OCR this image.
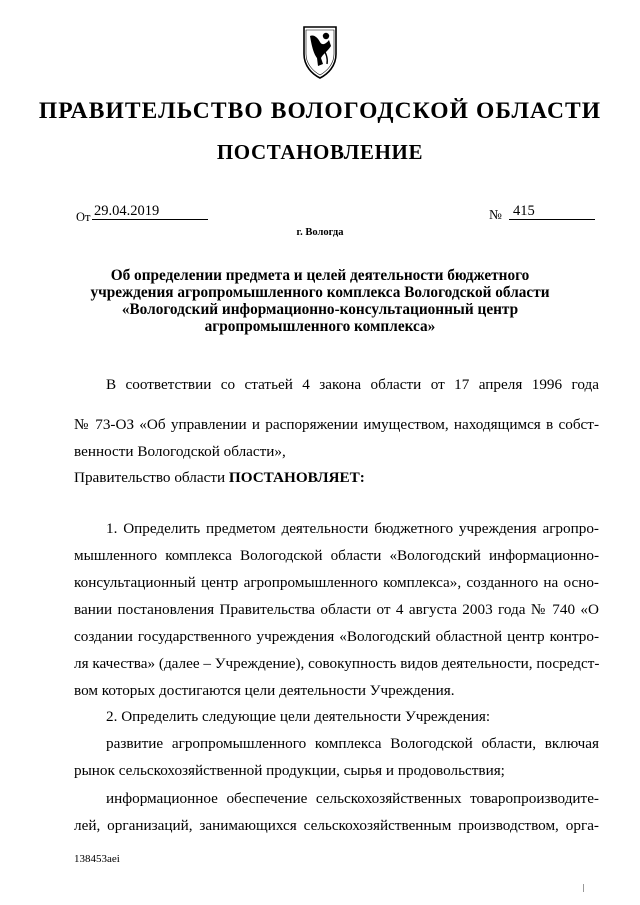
ПРАВИТЕЛЬСТВО ВОЛОГОДСКОЙ ОБЛАСТИ
ПОСТАНОВЛЕНИЕ
От 29.04.2019	№ 415
г. Вологда
Об определении предмета и целей деятельности бюджетного
учреждения агропромышленного комплекса Вологодской области
«Вологодский информационно-консультационный центр
агропромышленного комплекса»
В соответствии со статьей 4 закона области от 17 апреля 1996 года
№ 73-ОЗ «Об управлении и распоряжении имуществом, находящимся в собст-
венности Вологодской области»,
Правительство области ПОСТАНОВЛЯЕТ:
1. Определить предметом деятельности бюджетного учреждения агропро-
мышленного комплекса Вологодской области «Вологодский информационно-
консультационный центр агропромышленного комплекса», созданного на осно-
вании постановления Правительства области от 4 августа 2003 года № 740 «О
создании государственного учреждения «Вологодский областной центр контро-
ля качества» (далее – Учреждение), совокупность видов деятельности, посредст-
вом которых достигаются цели деятельности Учреждения.
2. Определить следующие цели деятельности Учреждения:
развитие агропромышленного комплекса Вологодской области, включая
рынок сельскохозяйственной продукции, сырья и продовольствия;
информационное обеспечение сельскохозяйственных товаропроизводите-
лей, организаций, занимающихся сельскохозяйственным производством, орга-
138453aei
